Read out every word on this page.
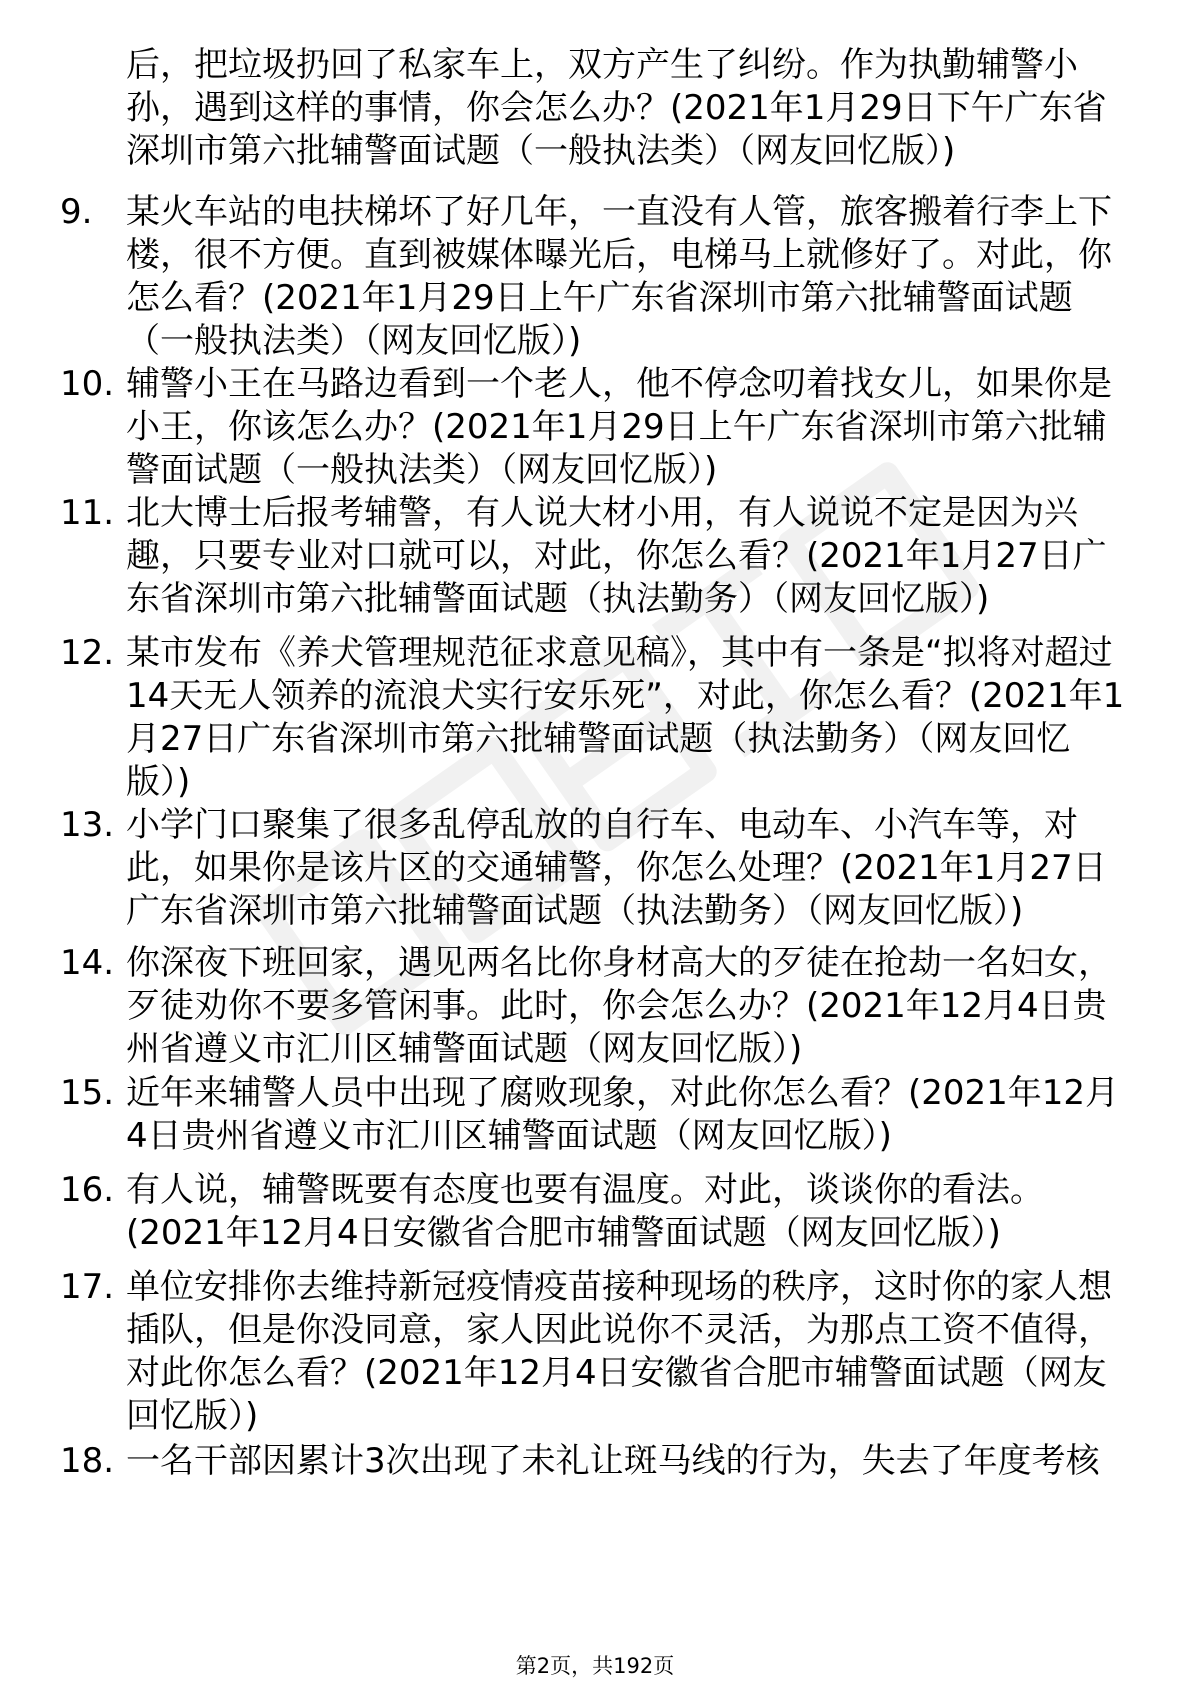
后，把垃圾扔回了私家车上，双方产生了纠纷。作为执勤辅警小孙，遇到这样的事情，你会怎么办？(2021年1月29日下午广东省深圳市第六批辅警面试题（一般执法类）（网友回忆版）)
9. 某火车站的电扶梯坏了好几年，一直没有人管，旅客搬着行李上下楼，很不方便。直到被媒体曝光后，电梯马上就修好了。对此，你怎么看？(2021年1月29日上午广东省深圳市第六批辅警面试题（一般执法类）（网友回忆版）)
10. 辅警小王在马路边看到一个老人，他不停念叨着找女儿，如果你是小王，你该怎么办？(2021年1月29日上午广东省深圳市第六批辅警面试题（一般执法类）（网友回忆版）)
11. 北大博士后报考辅警，有人说大材小用，有人说说不定是因为兴趣，只要专业对口就可以，对此，你怎么看？(2021年1月27日广东省深圳市第六批辅警面试题（执法勤务）（网友回忆版）)
12. 某市发布《养犬管理规范征求意见稿》，其中有一条是“拟将对超过14天无人领养的流浪犬实行安乐死”，对此，你怎么看？(2021年1月27日广东省深圳市第六批辅警面试题（执法勤务）（网友回忆版）)
13. 小学门口聚集了很多乱停乱放的自行车、电动车、小汽车等，对此，如果你是该片区的交通辅警，你怎么处理？(2021年1月27日广东省深圳市第六批辅警面试题（执法勤务）（网友回忆版）)
14. 你深夜下班回家，遇见两名比你身材高大的歹徒在抢劫一名妇女，歹徒劝你不要多管闲事。此时，你会怎么办？(2021年12月4日贵州省遵义市汇川区辅警面试题（网友回忆版）)
15. 近年来辅警人员中出现了腐败现象，对此你怎么看？(2021年12月4日贵州省遵义市汇川区辅警面试题（网友回忆版）)
16. 有人说，辅警既要有态度也要有温度。对此，谈谈你的看法。(2021年12月4日安徽省合肥市辅警面试题（网友回忆版）)
17. 单位安排你去维持新冠疫情疫苗接种现场的秩序，这时你的家人想插队，但是你没同意，家人因此说你不灵活，为那点工资不值得，对此你怎么看？(2021年12月4日安徽省合肥市辅警面试题（网友回忆版）)
18. 一名干部因累计3次出现了未礼让斑马线的行为，失去了年度考核
第2页，共192页
